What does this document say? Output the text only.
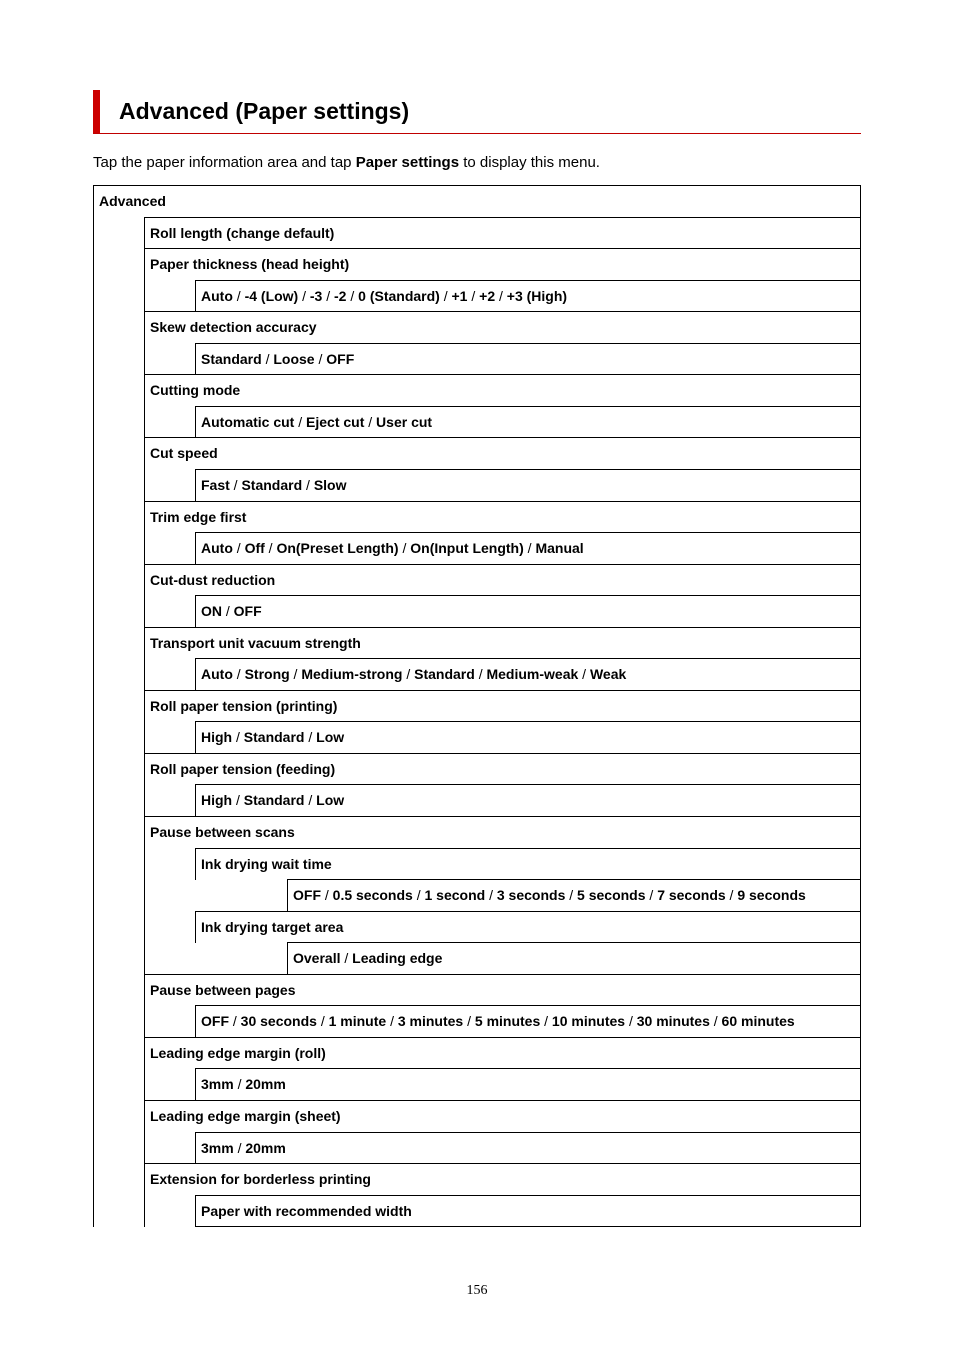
Advanced (Paper settings)
Tap the paper information area and tap Paper settings to display this menu.
Advanced
Roll length (change default)
Paper thickness (head height)
Auto / -4 (Low) / -3 / -2 / 0 (Standard) / +1 / +2 / +3 (High)
Skew detection accuracy
Standard / Loose / OFF
Cutting mode
Automatic cut / Eject cut / User cut
Cut speed
Fast / Standard / Slow
Trim edge first
Auto / Off / On(Preset Length) / On(Input Length) / Manual
Cut-dust reduction
ON / OFF
Transport unit vacuum strength
Auto / Strong / Medium-strong / Standard / Medium-weak / Weak
Roll paper tension (printing)
High / Standard / Low
Roll paper tension (feeding)
High / Standard / Low
Pause between scans
Ink drying wait time
OFF / 0.5 seconds / 1 second / 3 seconds / 5 seconds / 7 seconds / 9 seconds
Ink drying target area
Overall / Leading edge
Pause between pages
OFF / 30 seconds / 1 minute / 3 minutes / 5 minutes / 10 minutes / 30 minutes / 60 minutes
Leading edge margin (roll)
3mm / 20mm
Leading edge margin (sheet)
3mm / 20mm
Extension for borderless printing
Paper with recommended width
156
